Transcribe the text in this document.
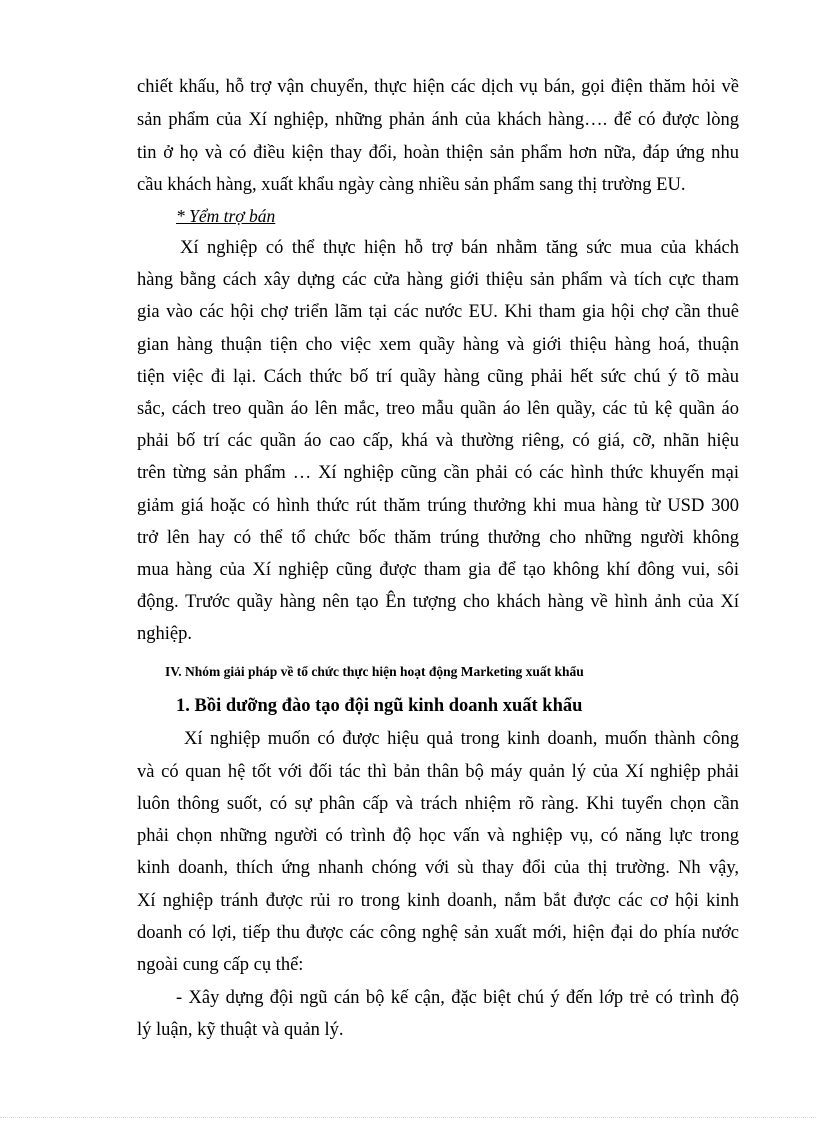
chiết khấu, hỗ trợ vận chuyển, thực hiện các dịch vụ bán, gọi điện thăm hỏi về
sản phẩm của Xí nghiệp, những phản ánh của khách hàng…. để có được lòng
tin ở họ và có điều kiện thay đổi, hoàn thiện sản phẩm hơn nữa, đáp ứng nhu
cầu khách hàng, xuất khẩu ngày càng nhiều sản phẩm sang thị trường EU.
* Yểm trợ bán
Xí nghiệp có thể thực hiện hỗ trợ bán nhằm tăng sức mua của khách
hàng bằng cách xây dựng các cửa hàng giới thiệu sản phẩm và tích cực tham
gia vào các hội chợ triển lãm tại các nước EU. Khi tham gia hội chợ cần thuê
gian hàng thuận tiện cho việc xem quầy hàng và giới thiệu hàng hoá, thuận
tiện việc đi lại. Cách thức bố trí quầy hàng cũng phải hết sức chú ý tõ màu
sắc, cách treo quần áo lên mắc, treo mẫu quần áo lên quầy, các tủ kệ quần áo
phải bố trí các quần áo cao cấp, khá và thường riêng, có giá, cỡ, nhãn hiệu
trên từng sản phẩm … Xí nghiệp cũng cần phải có các hình thức khuyến mại
giảm giá hoặc có hình thức rút thăm trúng thưởng khi mua hàng từ USD 300
trở lên hay có thể tổ chức bốc thăm trúng thưởng cho những người không
mua hàng của Xí nghiệp cũng được tham gia để tạo không khí đông vui, sôi
động. Trước quầy hàng nên tạo Ên tượng cho khách hàng về hình ảnh của Xí
nghiệp.
IV. Nhóm giải pháp về tổ chức thực hiện hoạt động Marketing xuất khẩu
1. Bồi dưỡng đào tạo đội ngũ kinh doanh xuất khẩu
Xí nghiệp muốn có được hiệu quả trong kinh doanh, muốn thành công
và có quan hệ tốt với đối tác thì bản thân bộ máy quản lý của Xí nghiệp phải
luôn thông suốt, có sự phân cấp và trách nhiệm rõ ràng. Khi tuyển chọn cần
phải chọn những người có trình độ học vấn và nghiệp vụ, có năng lực trong
kinh doanh, thích ứng nhanh chóng với sù thay đổi của thị trường. Nh vậy,
Xí nghiệp tránh được rủi ro trong kinh doanh, nắm bắt được các cơ hội kinh
doanh có lợi, tiếp thu được các công nghệ sản xuất mới, hiện đại do phía nước
ngoài cung cấp cụ thể:
- Xây dựng đội ngũ cán bộ kế cận, đặc biệt chú ý đến lớp trẻ có trình độ
lý luận, kỹ thuật và quản lý.
